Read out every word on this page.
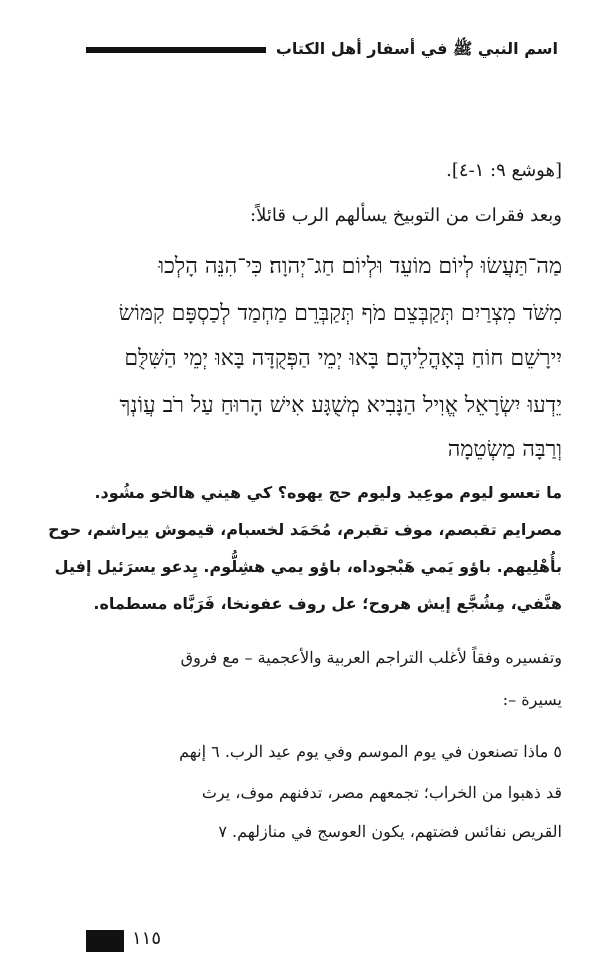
اسم النبي ﷺ في أسفار أهل الكتاب

[هوشع ٩: ١-٤].

وبعد فقرات من التوبيخ يسأل‍هم الرب قائلاً:

מַה־תַּעֲשׂוּ לְיוֹם מוֹעֵד וּלְיוֹם חַג־יְהוָה׃ כִּי־הִנֵּה הָלְכוּ

מִשֹּׁד מִצְרַיִם תְּקַבְּצֵם מֹף תְּקַבְּרֵם מַחְמַד לְכַסְפָּם קִמּוֹשׂ

יִירָשֵׁם חוֹחַ בְּאָהֳלֵיהֶם׃ בָּאוּ יְמֵי הַפְּקֻדָּה בָּאוּ יְמֵי הַשִּׁלֻּם

יֵדְעוּ יִשְׂרָאֵל אֱוִיל הַנָּבִיא מְשֻׁגָּע אִישׁ הָרוּחַ עַל רֹב עֲוֹנְךָ

וְרַבָּה מַשְׂטֵמָה

ما تعسو ليوم موعِيد وليوم حج يهوه؟ كي هيني هالخو مشُود.

مصرايم تقبصم، موف تقبرم، مُحَمَد لخسبام، قيموش ييراشم، حوح

بأُهْلِيهم. باؤو يَمي هَبْجوداه، باؤو يمي هشِلُّوم. يِدعو يسرَئيل إفيل

هنَّفي، مِشُجَّع إيش هروح؛ عل روف عفونخا، فَرَبَّاه مسطماه.

وتفسيره وفقاً لأغلب التراجم العربية والأعجمية – مع فروق

يسيرة –:

٥ ماذا تصنعون في يوم الموسم وفي يوم عيد الرب. ٦ إنهم

قد ذهبوا من الخراب؛ تجمعهم مصر، تدفنهم موف، يرث

القريص نفائس فضتهم، يكون العوسج في منازلهم. ٧

١١٥
